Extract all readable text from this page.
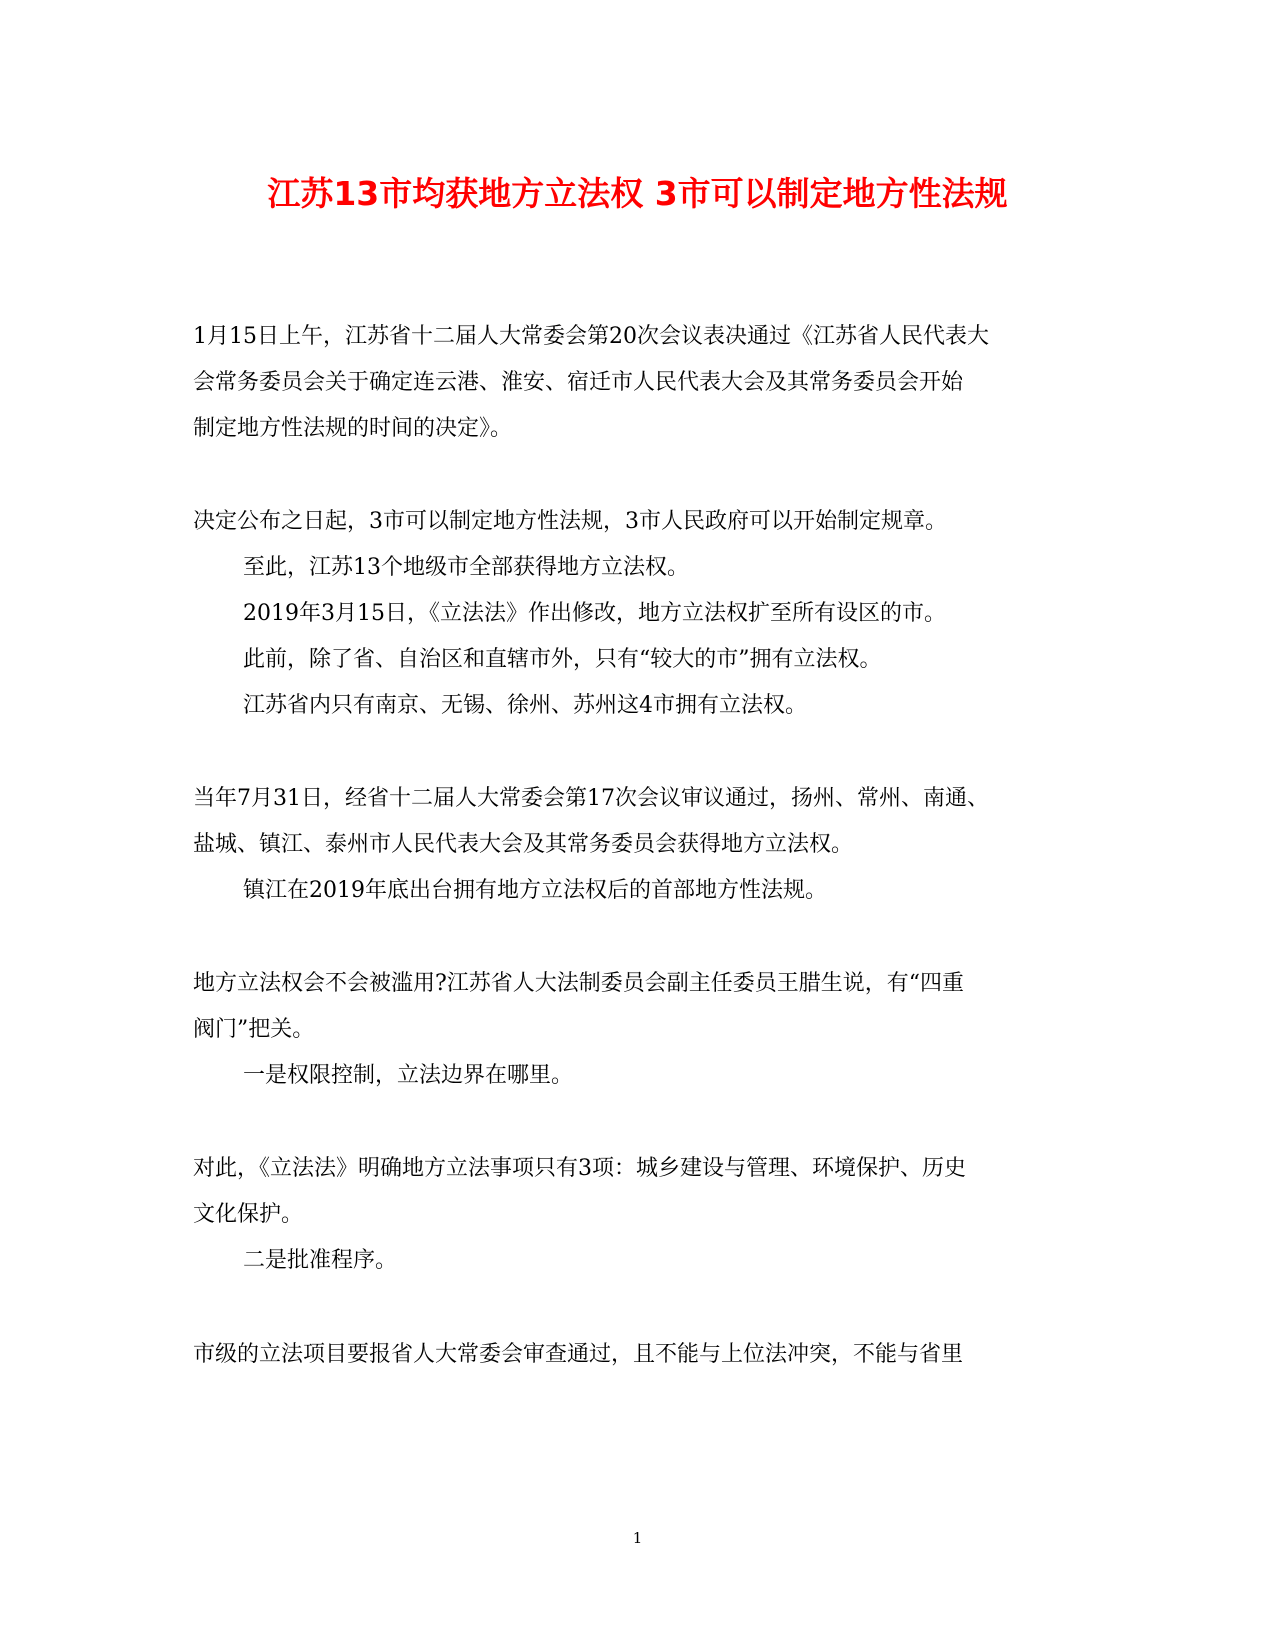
江苏13市均获地方立法权 3市可以制定地方性法规
1月15日上午，江苏省十二届人大常委会第20次会议表决通过《江苏省人民代表大
会常务委员会关于确定连云港、淮安、宿迁市人民代表大会及其常务委员会开始
制定地方性法规的时间的决定》。
决定公布之日起，3市可以制定地方性法规，3市人民政府可以开始制定规章。
至此，江苏13个地级市全部获得地方立法权。
2019年3月15日，《立法法》作出修改，地方立法权扩至所有设区的市。
此前，除了省、自治区和直辖市外，只有“较大的市”拥有立法权。
江苏省内只有南京、无锡、徐州、苏州这4市拥有立法权。
当年7月31日，经省十二届人大常委会第17次会议审议通过，扬州、常州、南通、
盐城、镇江、泰州市人民代表大会及其常务委员会获得地方立法权。
镇江在2019年底出台拥有地方立法权后的首部地方性法规。
地方立法权会不会被滥用?江苏省人大法制委员会副主任委员王腊生说，有“四重
阀门”把关。
一是权限控制，立法边界在哪里。
对此，《立法法》明确地方立法事项只有3项：城乡建设与管理、环境保护、历史
文化保护。
二是批准程序。
市级的立法项目要报省人大常委会审查通过，且不能与上位法冲突，不能与省里
1
